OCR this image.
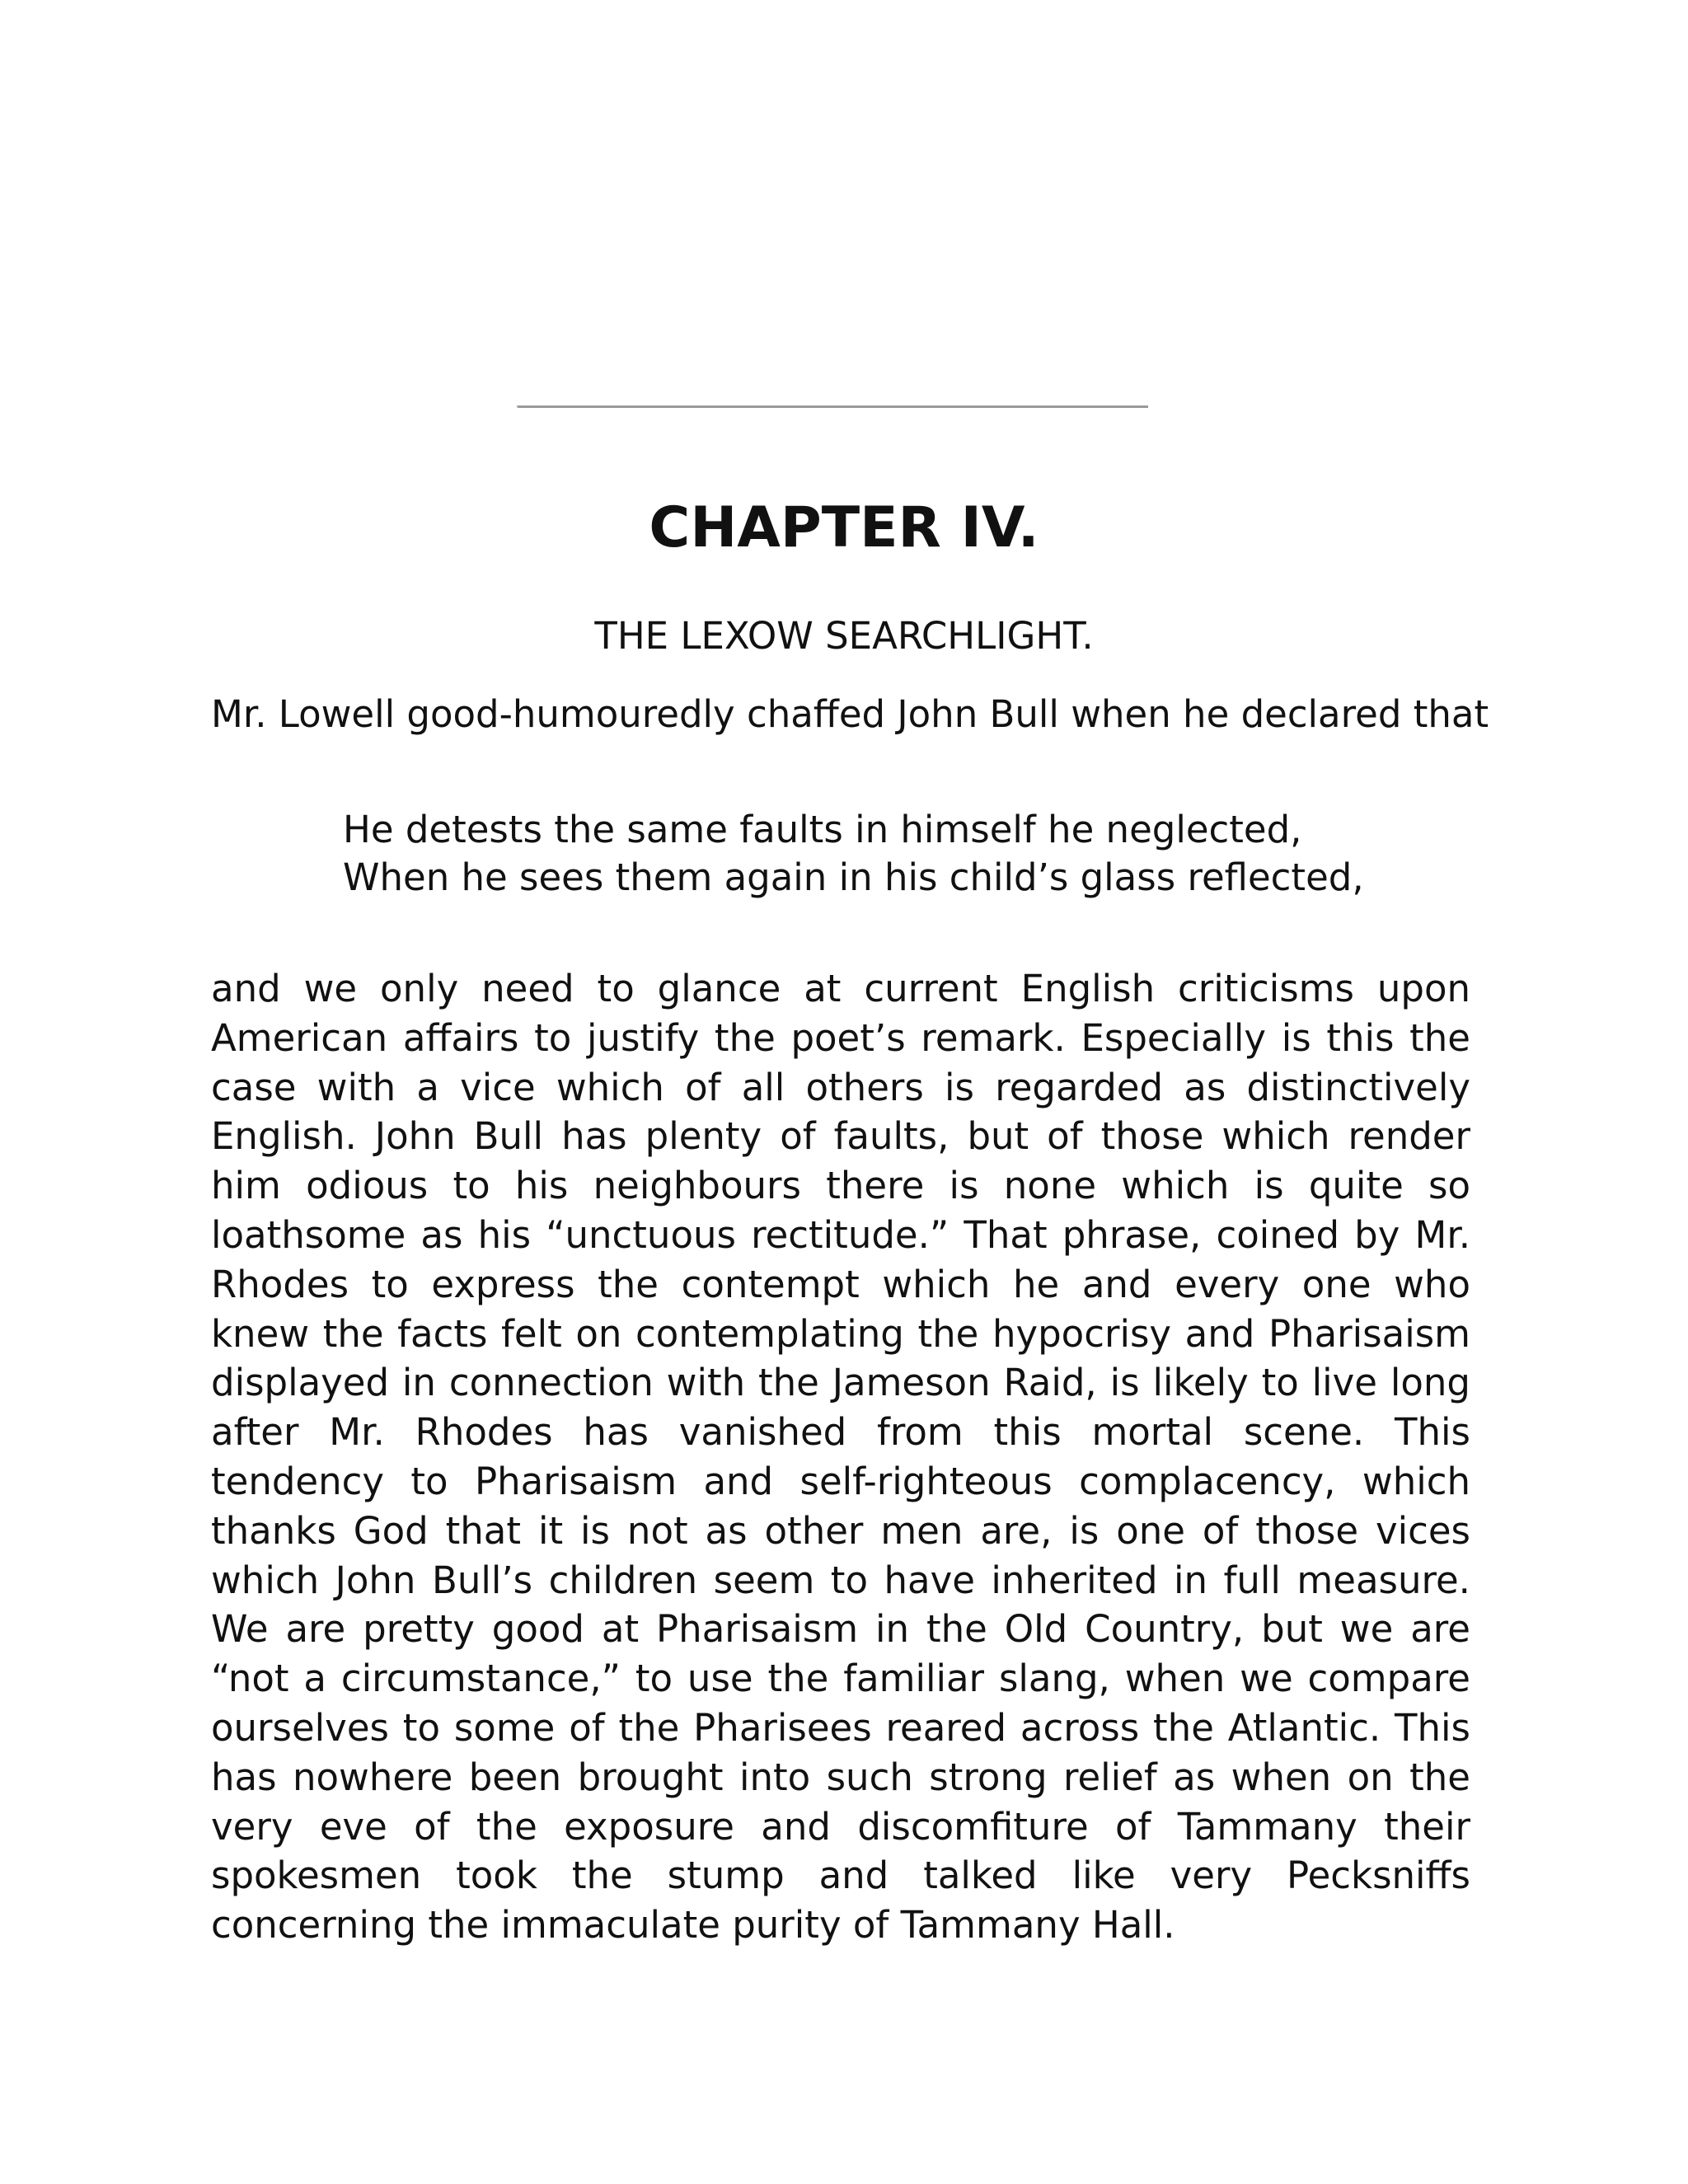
CHAPTER IV.
THE LEXOW SEARCHLIGHT.

Mr. Lowell good-humouredly chaffed John Bull when he declared that

He detests the same faults in himself he neglected,
When he sees them again in his child’s glass reflected,

and we only need to glance at current English criticisms upon American affairs to justify the poet’s remark. Especially is this the case with a vice which of all others is regarded as distinctively English. John Bull has plenty of faults, but of those which render him odious to his neighbours there is none which is quite so loathsome as his “unctuous rectitude.” That phrase, coined by Mr. Rhodes to express the contempt which he and every one who knew the facts felt on contemplating the hypocrisy and Pharisaism displayed in connection with the Jameson Raid, is likely to live long after Mr. Rhodes has vanished from this mortal scene. This tendency to Pharisaism and self-righteous complacency, which thanks God that it is not as other men are, is one of those vices which John Bull’s children seem to have inherited in full measure. We are pretty good at Pharisaism in the Old Country, but we are “not a circumstance,” to use the familiar slang, when we compare ourselves to some of the Pharisees reared across the Atlantic. This has nowhere been brought into such strong relief as when on the very eve of the exposure and discomfiture of Tammany their spokesmen took the stump and talked like very Pecksniffs concerning the immaculate purity of Tammany Hall.
